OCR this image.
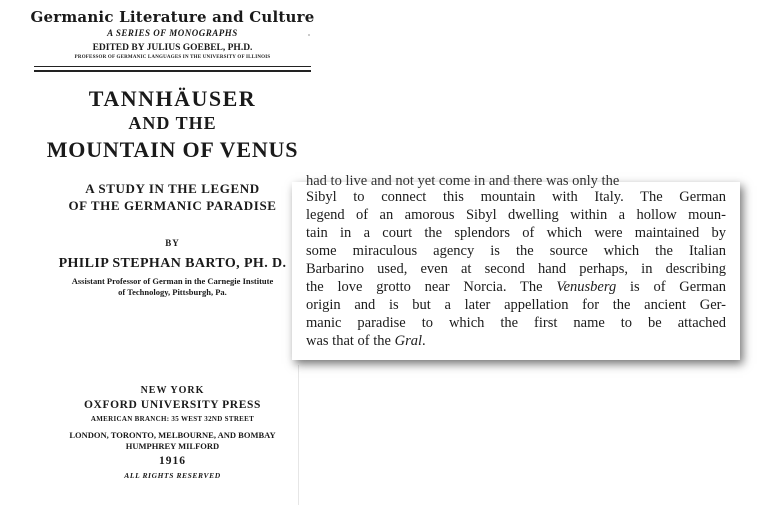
Germanic Literature and Culture
A SERIES OF MONOGRAPHS
EDITED BY JULIUS GOEBEL, PH.D.
PROFESSOR OF GERMANIC LANGUAGES IN THE UNIVERSITY OF ILLINOIS
TANNHÄUSER
AND THE
MOUNTAIN OF VENUS
A STUDY IN THE LEGEND
OF THE GERMANIC PARADISE
BY
PHILIP STEPHAN BARTO, PH. D.
Assistant Professor of German in the Carnegie Institute
of Technology, Pittsburgh, Pa.
NEW YORK
OXFORD UNIVERSITY PRESS
AMERICAN BRANCH: 35 WEST 32ND STREET
LONDON, TORONTO, MELBOURNE, AND BOMBAY
HUMPHREY MILFORD
1916
ALL RIGHTS RESERVED
had to live and not yet come in and there was only the
Sibyl to connect this mountain with Italy. The German
legend of an amorous Sibyl dwelling within a hollow moun-
tain in a court the splendors of which were maintained by
some miraculous agency is the source which the Italian
Barbarino used, even at second hand perhaps, in describing
the love grotto near Norcia. The Venusberg is of German
origin and is but a later appellation for the ancient Ger-
manic paradise to which the first name to be attached
was that of the Gral.
